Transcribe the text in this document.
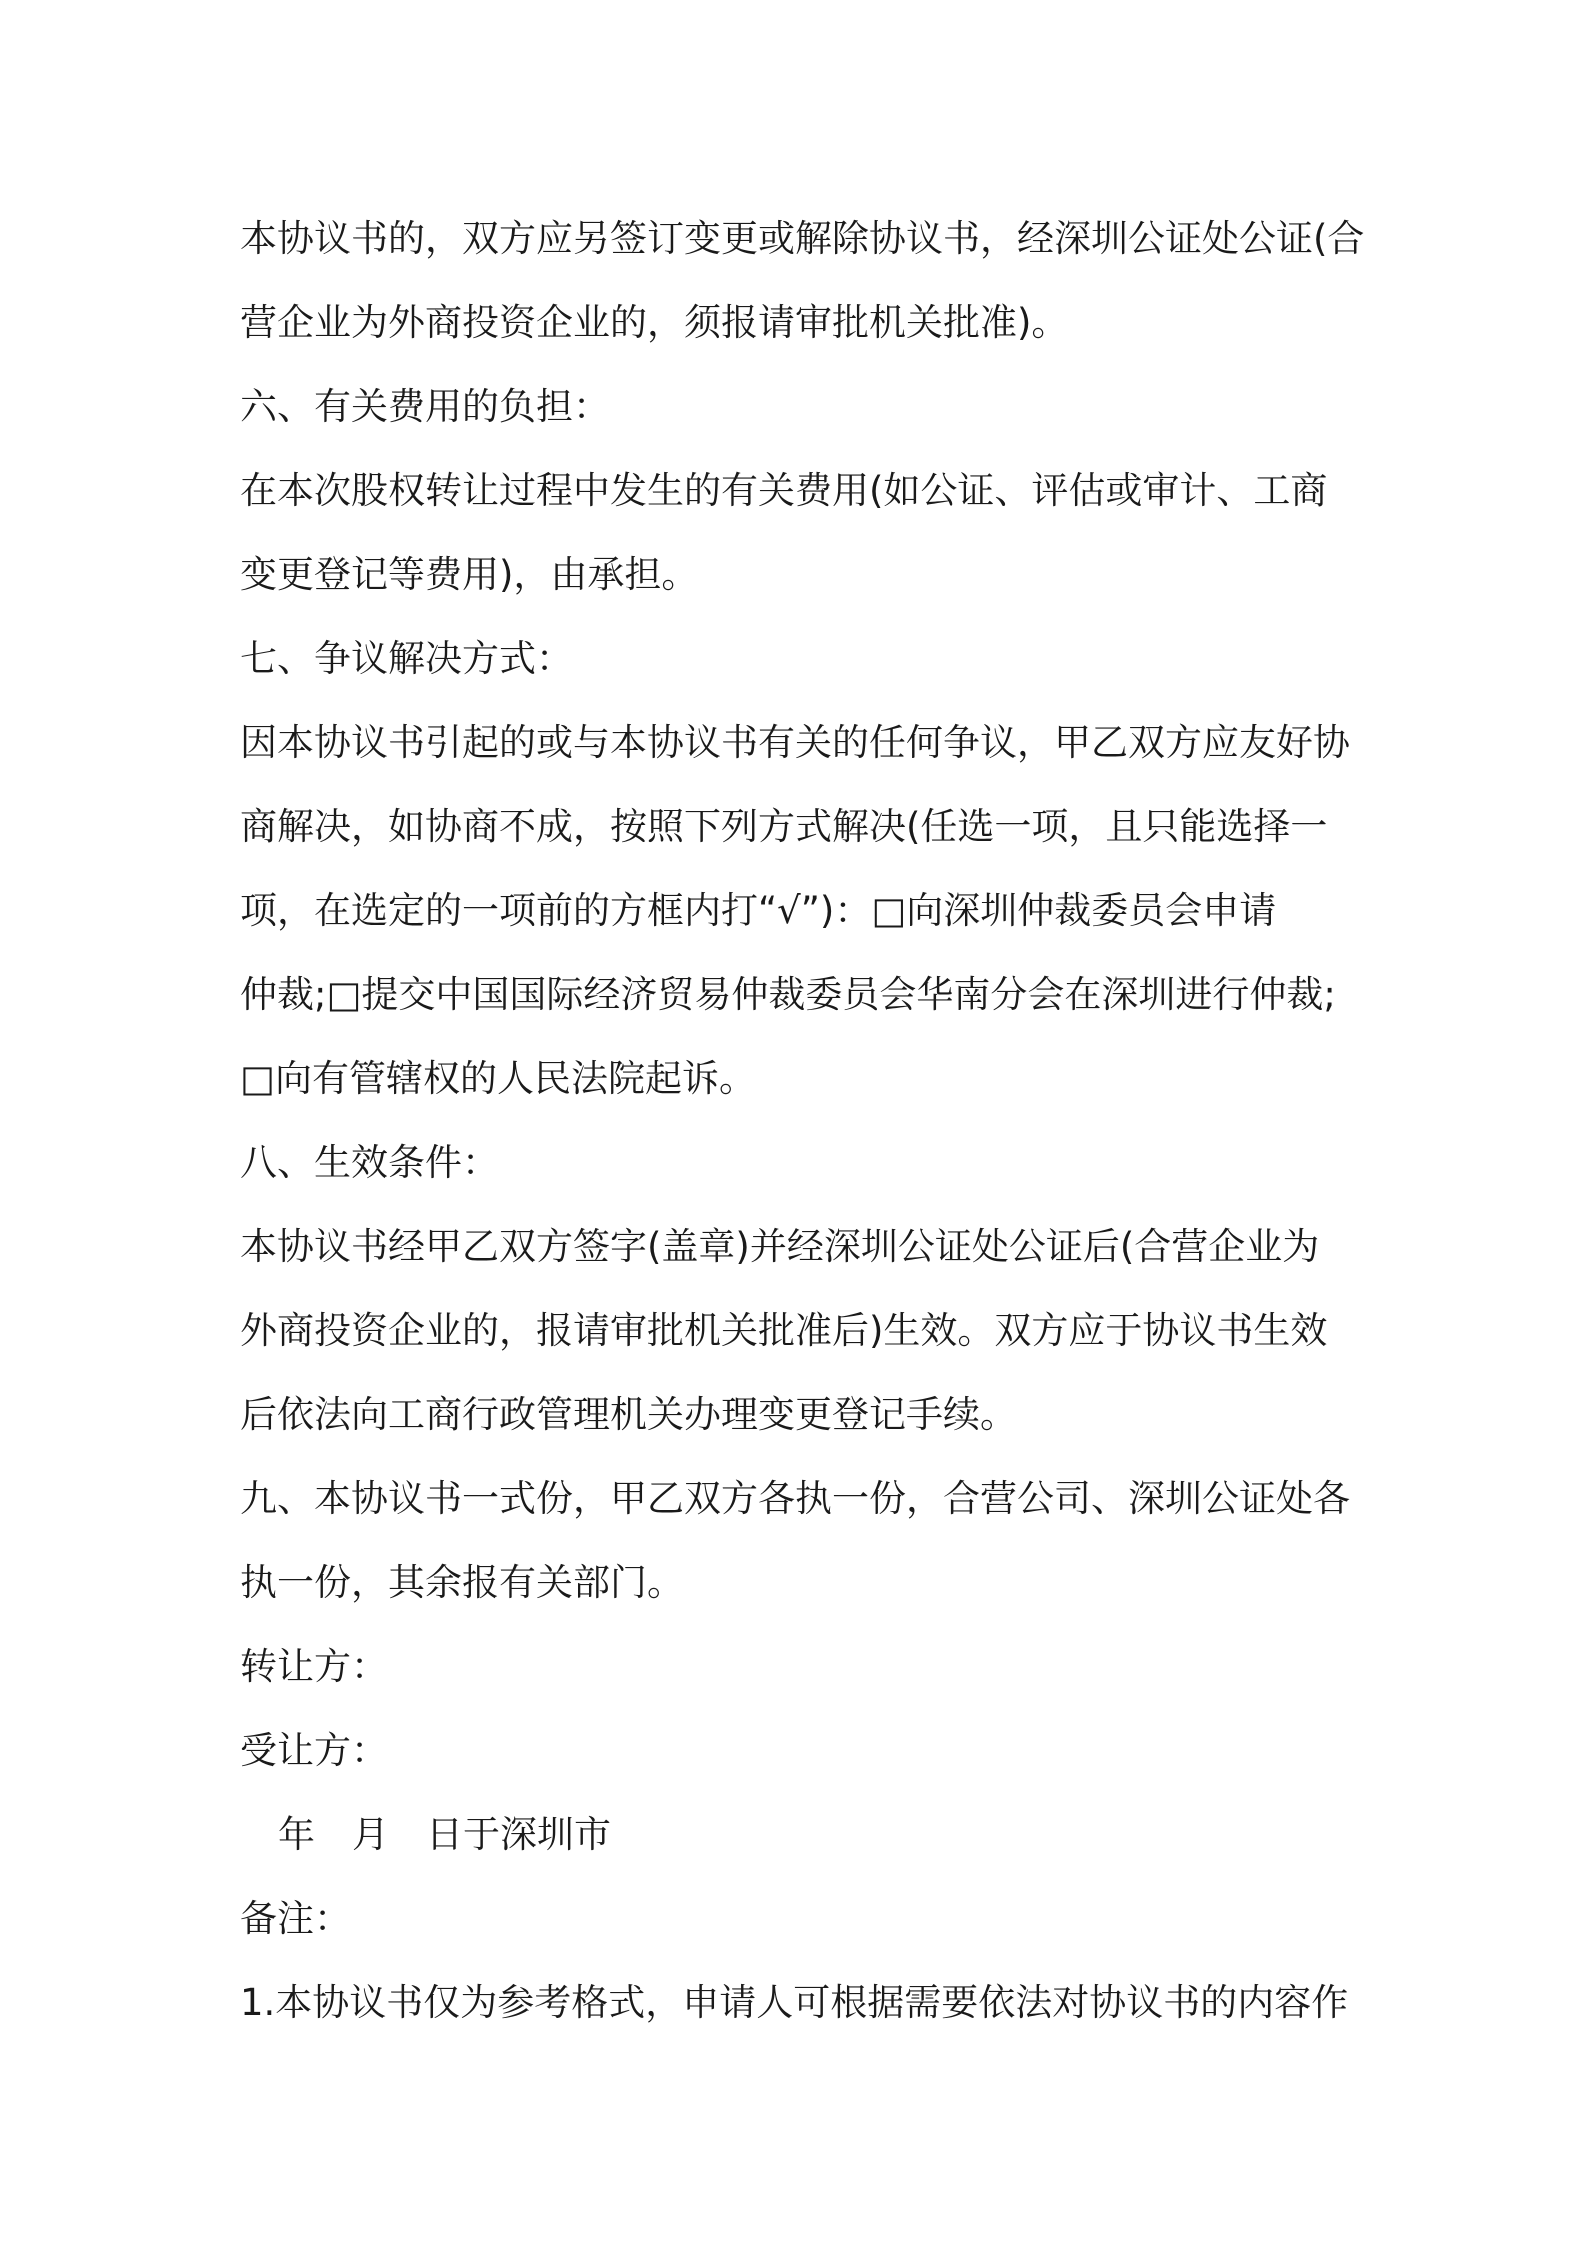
本协议书的，双方应另签订变更或解除协议书，经深圳公证处公证(合
营企业为外商投资企业的，须报请审批机关批准)。
六、有关费用的负担：
在本次股权转让过程中发生的有关费用(如公证、评估或审计、工商
变更登记等费用)，由承担。
七、争议解决方式：
因本协议书引起的或与本协议书有关的任何争议，甲乙双方应友好协
商解决，如协商不成，按照下列方式解决(任选一项，且只能选择一
项，在选定的一项前的方框内打“√”)：□向深圳仲裁委员会申请
仲裁;□提交中国国际经济贸易仲裁委员会华南分会在深圳进行仲裁;
□向有管辖权的人民法院起诉。
八、生效条件：
本协议书经甲乙双方签字(盖章)并经深圳公证处公证后(合营企业为
外商投资企业的，报请审批机关批准后)生效。双方应于协议书生效
后依法向工商行政管理机关办理变更登记手续。
九、本协议书一式份，甲乙双方各执一份，合营公司、深圳公证处各
执一份，其余报有关部门。
转让方：
受让方：
年　月　日于深圳市
备注：
1.本协议书仅为参考格式，申请人可根据需要依法对协议书的内容作
